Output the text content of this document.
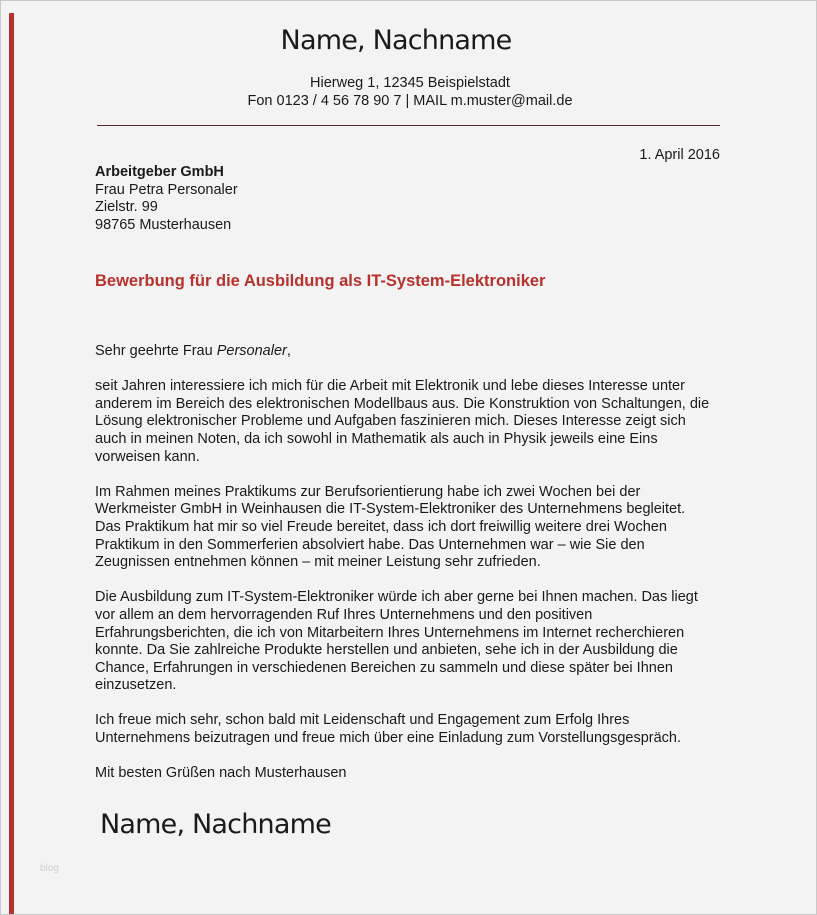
Name, Nachname
Hierweg 1, 12345 Beispielstadt
Fon 0123 / 4 56 78 90 7 | MAIL m.muster@mail.de
1. April 2016
Arbeitgeber GmbH
Frau Petra Personaler
Zielstr. 99
98765 Musterhausen
Bewerbung für die Ausbildung als IT-System-Elektroniker

Sehr geehrte Frau Personaler,

seit Jahren interessiere ich mich für die Arbeit mit Elektronik und lebe dieses Interesse unter
anderem im Bereich des elektronischen Modellbaus aus. Die Konstruktion von Schaltungen, die
Lösung elektronischer Probleme und Aufgaben faszinieren mich. Dieses Interesse zeigt sich
auch in meinen Noten, da ich sowohl in Mathematik als auch in Physik jeweils eine Eins
vorweisen kann.

Im Rahmen meines Praktikums zur Berufsorientierung habe ich zwei Wochen bei der
Werkmeister GmbH in Weinhausen die IT-System-Elektroniker des Unternehmens begleitet.
Das Praktikum hat mir so viel Freude bereitet, dass ich dort freiwillig weitere drei Wochen
Praktikum in den Sommerferien absolviert habe. Das Unternehmen war – wie Sie den
Zeugnissen entnehmen können – mit meiner Leistung sehr zufrieden.

Die Ausbildung zum IT-System-Elektroniker würde ich aber gerne bei Ihnen machen. Das liegt
vor allem an dem hervorragenden Ruf Ihres Unternehmens und den positiven
Erfahrungsberichten, die ich von Mitarbeitern Ihres Unternehmens im Internet recherchieren
konnte. Da Sie zahlreiche Produkte herstellen und anbieten, sehe ich in der Ausbildung die
Chance, Erfahrungen in verschiedenen Bereichen zu sammeln und diese später bei Ihnen
einzusetzen.

Ich freue mich sehr, schon bald mit Leidenschaft und Engagement zum Erfolg Ihres
Unternehmens beizutragen und freue mich über eine Einladung zum Vorstellungsgespräch.

Mit besten Grüßen nach Musterhausen

Name, Nachname
blog
